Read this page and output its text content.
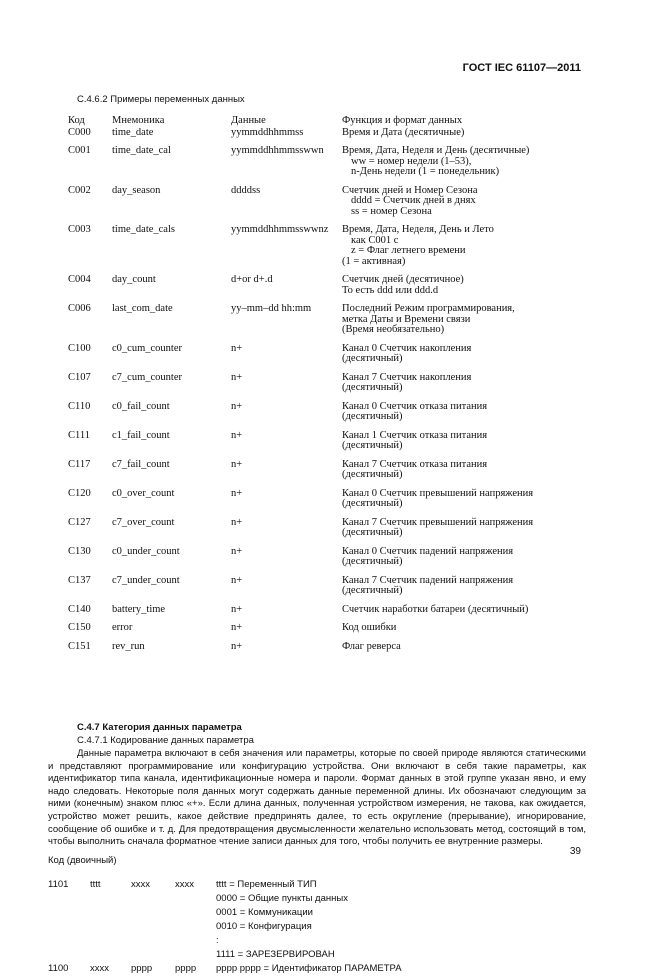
ГОСТ IEC 61107—2011
С.4.6.2 Примеры переменных данных
Код	Мнемоника	Данные	Функция и формат данных
C000	time_date	yymmddhhmmss	Время и Дата (десятичные)
C001	time_date_cal	yymmddhhmmsswwn	Время, Дата, Неделя и День (десятичные)
ww = номер недели (1–53),
n-День недели (1 = понедельник)
C002	day_season	ddddss	Счетчик дней и Номер Сезона
dddd = Счетчик дней в днях
ss = номер Сезона
C003	time_date_cals	yymmddhhmmsswwnz	Время, Дата, Неделя, День и Лето
как С001 с
z = Флаг летнего времени
(1 = активная)
C004	day_count	d+or d+.d	Счетчик дней (десятичное)
То есть ddd или ddd.d
C006	last_com_date	yy–mm–dd hh:mm	Последний Режим программирования,
метка Даты и Времени связи
(Время необязательно)
C100	c0_cum_counter	n+	Канал 0 Счетчик накопления
(десятичный)
C107	c7_cum_counter	n+	Канал 7 Счетчик накопления
(десятичный)
C110	c0_fail_count	n+	Канал 0 Счетчик отказа питания
(десятичный)
C111	c1_fail_count	n+	Канал 1 Счетчик отказа питания
(десятичный)
C117	c7_fail_count	n+	Канал 7 Счетчик отказа питания
(десятичный)
C120	c0_over_count	n+	Канал 0 Счетчик превышений напряжения
(десятичный)
C127	c7_over_count	n+	Канал 7 Счетчик превышений напряжения
(десятичный)
C130	c0_under_count	n+	Канал 0 Счетчик падений напряжения
(десятичный)
C137	c7_under_count	n+	Канал 7 Счетчик падений напряжения
(десятичный)
C140	battery_time	n+	Счетчик наработки батареи (десятичный)
C150	error	n+	Код ошибки
C151	rev_run	n+	Флаг реверса
С.4.7 Категория данных параметра
С.4.7.1 Кодирование данных параметра
Данные параметра включают в себя значения или параметры, которые по своей природе являются статическими и представляют программирование или конфигурацию устройства. Они включают в себя такие параметры, как идентификатор типа канала, идентификационные номера и пароли. Формат данных в этой группе указан явно, и ему надо следовать. Некоторые поля данных могут содержать данные переменной длины. Их обозначают следующим за ними (конечным) знаком плюс «+». Если длина данных, полученная устройством измерения, не такова, как ожидается, устройство может решить, какое действие предпринять далее, то есть округление (прерывание), игнорирование, сообщение об ошибке и т. д. Для предотвращения двусмысленности желательно использовать метод, состоящий в том, чтобы выполнить сначала форматное чтение записи данных для того, чтобы получить ее внутренние размеры.
Код (двоичный)
1101 tttt	xxxx	xxxx tttt = Переменный ТИП
0000 = Общие пункты данных
0001 = Коммуникации
0010 = Конфигурация
:
1111 = ЗАРЕЗЕРВИРОВАН
1100 xxxx pppp pppp pppp pppp = Идентификатор ПАРАМЕТРА
39
